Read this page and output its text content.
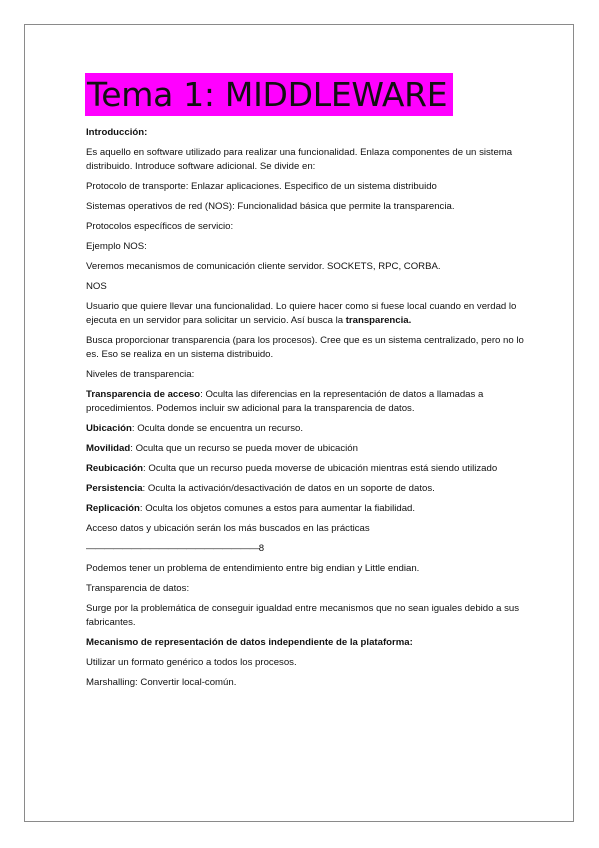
Tema 1: MIDDLEWARE

Introducción:

Es aquello en software utilizado para realizar una funcionalidad. Enlaza componentes de un sistema distribuido. Introduce software adicional. Se divide en:

Protocolo de transporte: Enlazar aplicaciones. Especifico de un sistema distribuido

Sistemas operativos de red (NOS): Funcionalidad básica que permite la transparencia.

Protocolos específicos de servicio:

Ejemplo NOS:

Veremos mecanismos de comunicación cliente servidor. SOCKETS, RPC, CORBA.

NOS

Usuario que quiere llevar una funcionalidad. Lo quiere hacer como si fuese local cuando en verdad lo ejecuta en un servidor para solicitar un servicio. Así busca la transparencia.

Busca proporcionar transparencia (para los procesos). Cree que es un sistema centralizado, pero no lo es. Eso se realiza en un sistema distribuido.

Niveles de transparencia:

Transparencia de acceso: Oculta las diferencias en la representación de datos a llamadas a procedimientos. Podemos incluir sw adicional para la transparencia de datos.

Ubicación: Oculta donde se encuentra un recurso.

Movilidad: Oculta que un recurso se pueda mover de ubicación

Reubicación: Oculta que un recurso pueda moverse de ubicación mientras está siendo utilizado

Persistencia: Oculta la activación/desactivación de datos en un soporte de datos.

Replicación: Oculta los objetos comunes a estos para aumentar la fiabilidad.

Acceso datos y ubicación serán los más buscados en las prácticas

———————————————————8

Podemos tener un problema de entendimiento entre big endian y Little endian.

Transparencia de datos:

Surge por la problemática de conseguir igualdad entre mecanismos que no sean iguales debido a sus fabricantes.

Mecanismo de representación de datos independiente de la plataforma:

Utilizar un formato genérico a todos los procesos.

Marshalling: Convertir local-común.
